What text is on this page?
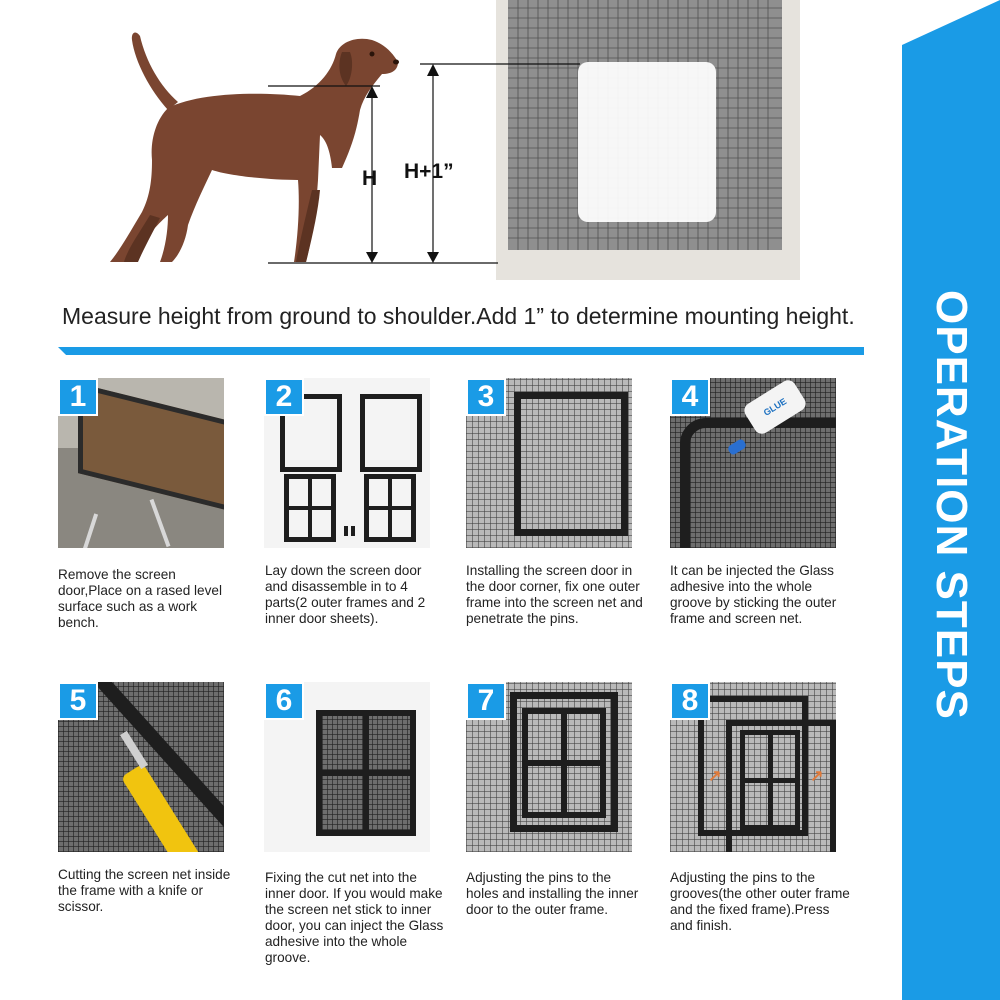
H H+1”
Measure height from ground to shoulder.Add 1” to determine mounting height. OPERATION STEPS
1
Remove the screen door,Place on a rased level surface such as a work bench.
2
Lay down the screen door and disassemble in to 4 parts(2 outer frames and 2 inner door sheets).
3
Installing the screen door in the door corner, fix one outer frame into the screen net and penetrate the pins.
GLUE
4
It can be injected the Glass adhesive into the whole groove by sticking the outer frame and screen net.
5
Cutting the screen net inside the frame with a knife or scissor.
6
Fixing the cut net into the inner door. If you would make the screen net stick to inner door, you can inject the Glass adhesive into the whole groove.
7
Adjusting the pins to the holes and installing the inner door to the outer frame.
↗	↗
8
Adjusting the pins to the grooves(the other outer frame and the fixed frame).Press and finish.
